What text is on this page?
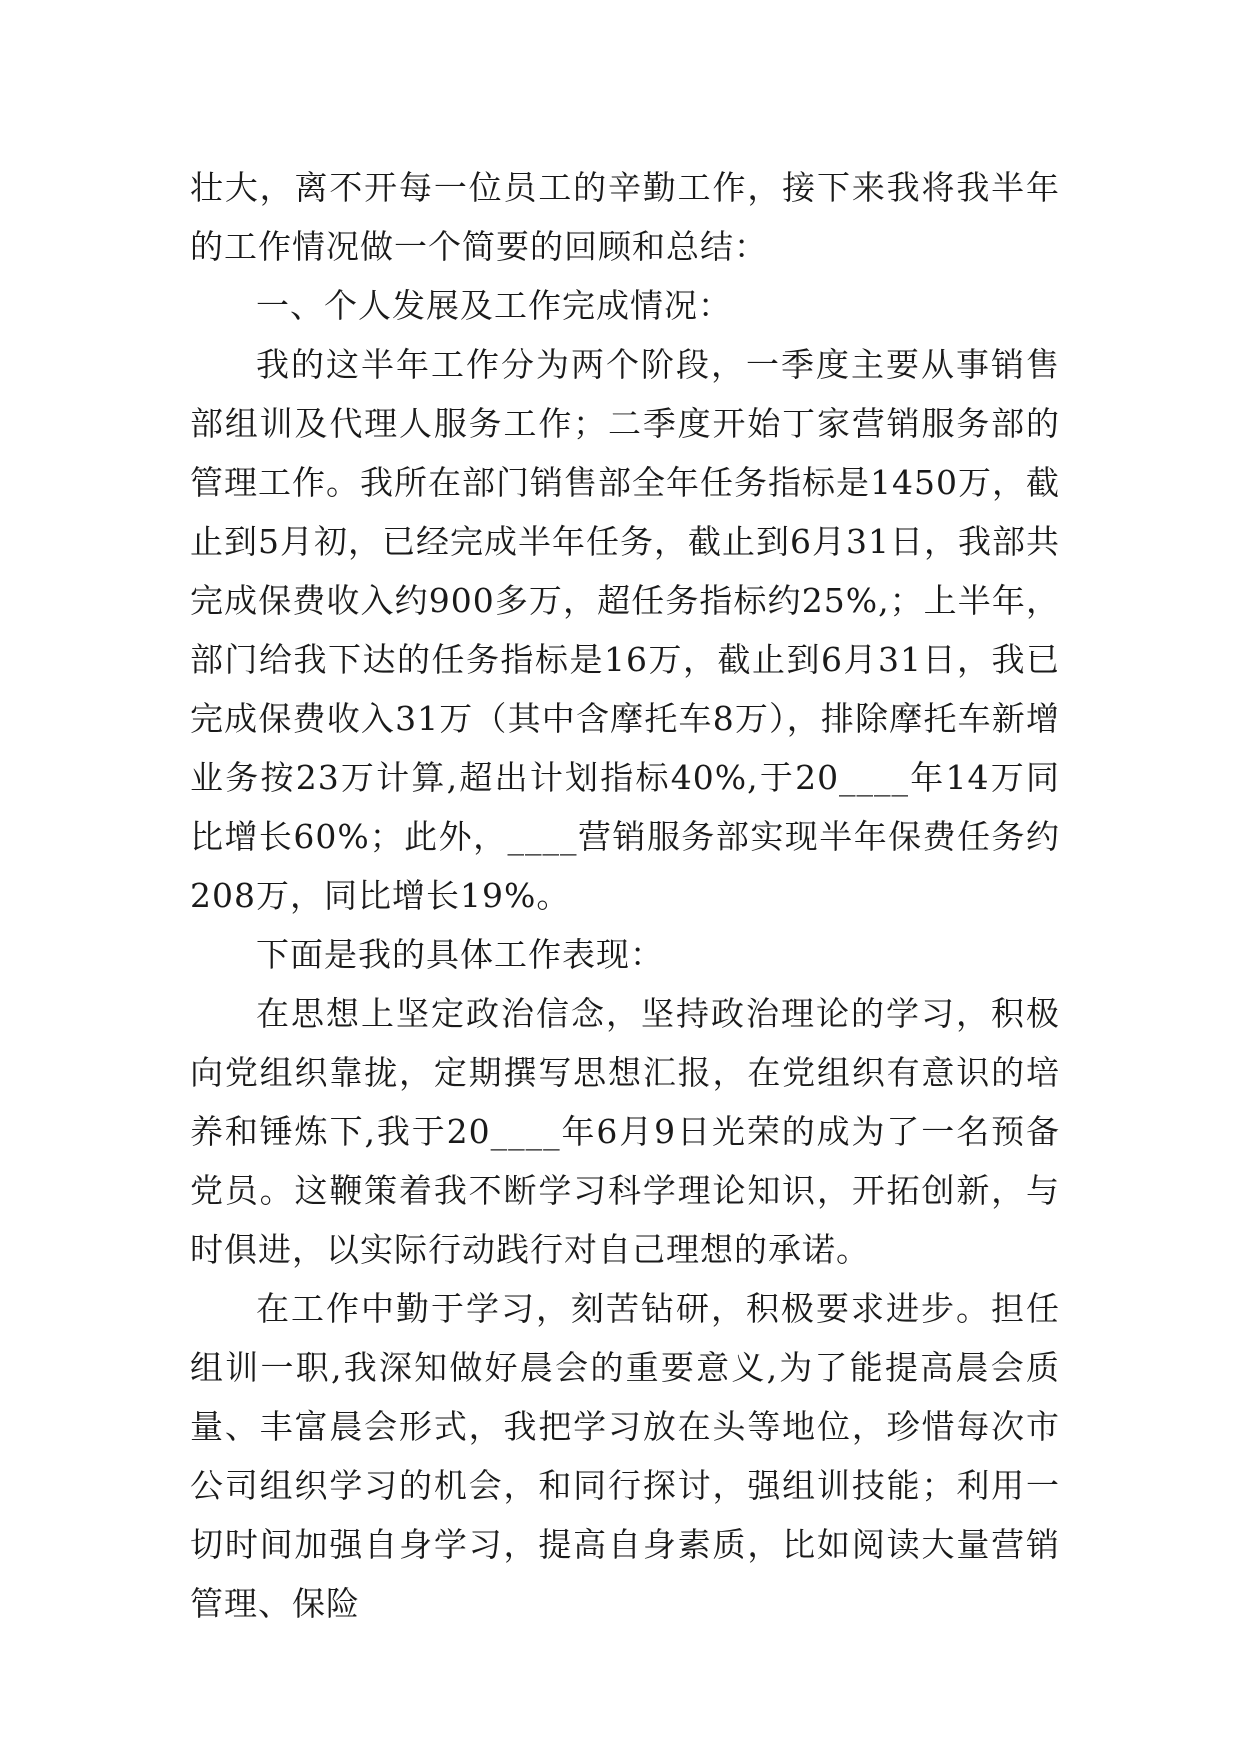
壮大，离不开每一位员工的辛勤工作，接下来我将我半年的工作情况做一个简要的回顾和总结：

一、个人发展及工作完成情况：

我的这半年工作分为两个阶段，一季度主要从事销售部组训及代理人服务工作；二季度开始丁家营销服务部的管理工作。我所在部门销售部全年任务指标是1450万，截止到5月初，已经完成半年任务，截止到6月31日，我部共完成保费收入约900多万，超任务指标约25%,；上半年，部门给我下达的任务指标是16万，截止到6月31日，我已完成保费收入31万（其中含摩托车8万），排除摩托车新增业务按23万计算,超出计划指标40%,于20____年14万同比增长60%；此外，____营销服务部实现半年保费任务约208万，同比增长19%。

下面是我的具体工作表现：

在思想上坚定政治信念，坚持政治理论的学习，积极向党组织靠拢，定期撰写思想汇报，在党组织有意识的培养和锤炼下,我于20____年6月9日光荣的成为了一名预备党员。这鞭策着我不断学习科学理论知识，开拓创新，与时俱进，以实际行动践行对自己理想的承诺。

在工作中勤于学习，刻苦钻研，积极要求进步。担任组训一职,我深知做好晨会的重要意义,为了能提高晨会质量、丰富晨会形式，我把学习放在头等地位，珍惜每次市公司组织学习的机会，和同行探讨，强组训技能；利用一切时间加强自身学习，提高自身素质，比如阅读大量营销管理、保险
